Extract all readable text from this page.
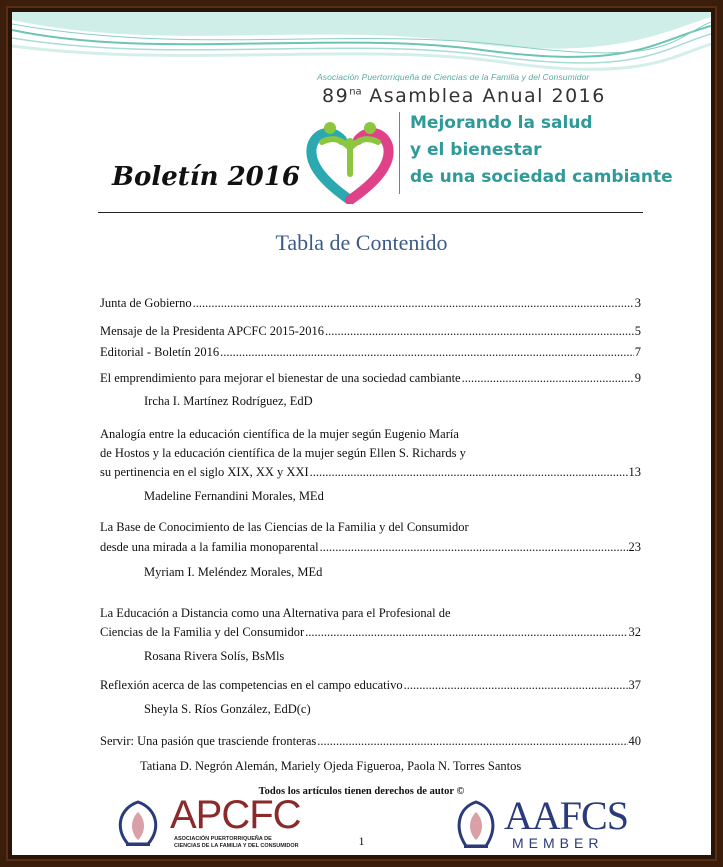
Asociación Puertorriqueña de Ciencias de la Familia y del Consumidor
$89^{na}$ Asamblea Anual 2016
Mejorando la salud
y el bienestar
de una sociedad cambiante
Boletín 2016
Tabla de Contenido
Junta de Gobierno .....	3
Mensaje de la Presidenta APCFC 2015-2016 .....	5
Editorial - Boletín 2016 .....	7
El emprendimiento para mejorar el bienestar de una sociedad cambiante .....	9
Ircha I. Martínez Rodríguez, EdD
Analogía entre la educación científica de la mujer según Eugenio María
de Hostos y la educación científica de la mujer según Ellen S. Richards y
su pertinencia en el siglo XIX, XX y XXI .....	13
Madeline Fernandini Morales, MEd
La Base de Conocimiento de las Ciencias de la Familia y del Consumidor
desde una mirada a la familia monoparental .....	23
Myriam I. Meléndez Morales, MEd
La Educación a Distancia como una Alternativa para el Profesional de
Ciencias de la Familia y del Consumidor .....	32
Rosana Rivera Solís, BsMls
Reflexión acerca de las competencias en el campo educativo .....	37
Sheyla S. Ríos González, EdD(c)
Servir: Una pasión que trasciende fronteras .....	40
Tatiana D. Negrón Alemán, Mariely Ojeda Figueroa, Paola N. Torres Santos
Todos los artículos tienen derechos de autor ©
APCFC
ASOCIACIÓN PUERTORRIQUEÑA DE
CIENCIAS DE LA FAMILIA Y DEL CONSUMIDOR	1
AAFCS
MEMBER
